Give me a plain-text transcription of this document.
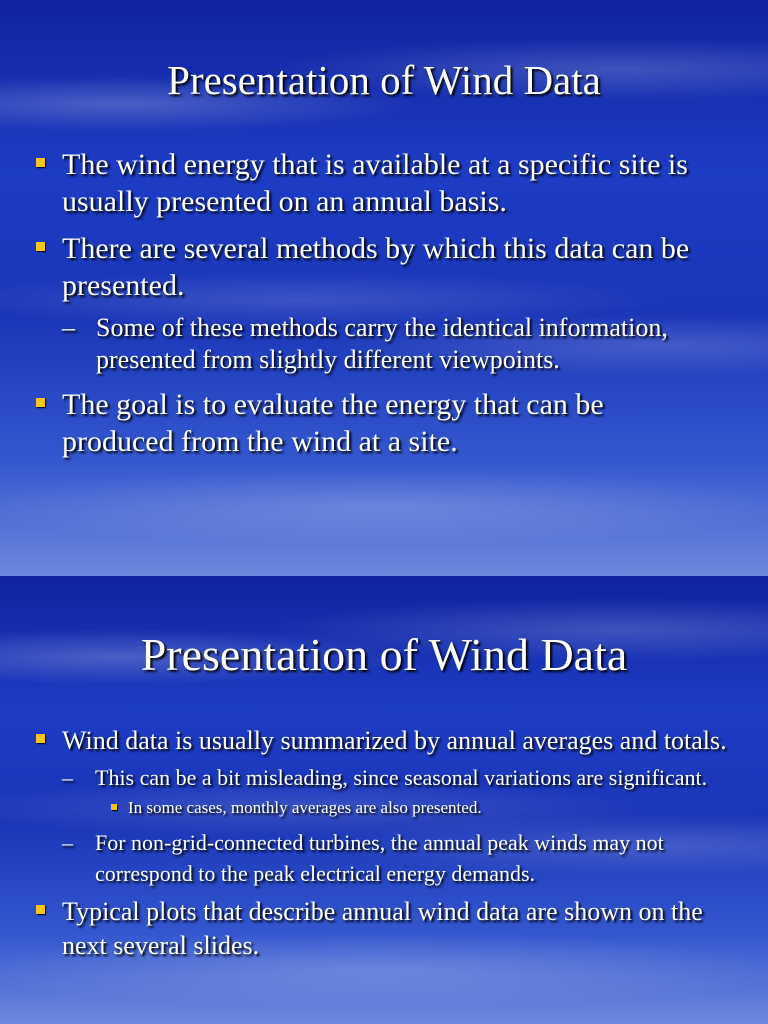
Presentation of Wind Data
The wind energy that is available at a specific site is usually presented on an annual basis.
There are several methods by which this data can be presented.
– Some of these methods carry the identical information, presented from slightly different viewpoints.
The goal is to evaluate the energy that can be produced from the wind at a site.
Presentation of Wind Data
Wind data is usually summarized by annual averages and totals.
– This can be a bit misleading, since seasonal variations are significant.
In some cases, monthly averages are also presented.
– For non-grid-connected turbines, the annual peak winds may not correspond to the peak electrical energy demands.
Typical plots that describe annual wind data are shown on the next several slides.
